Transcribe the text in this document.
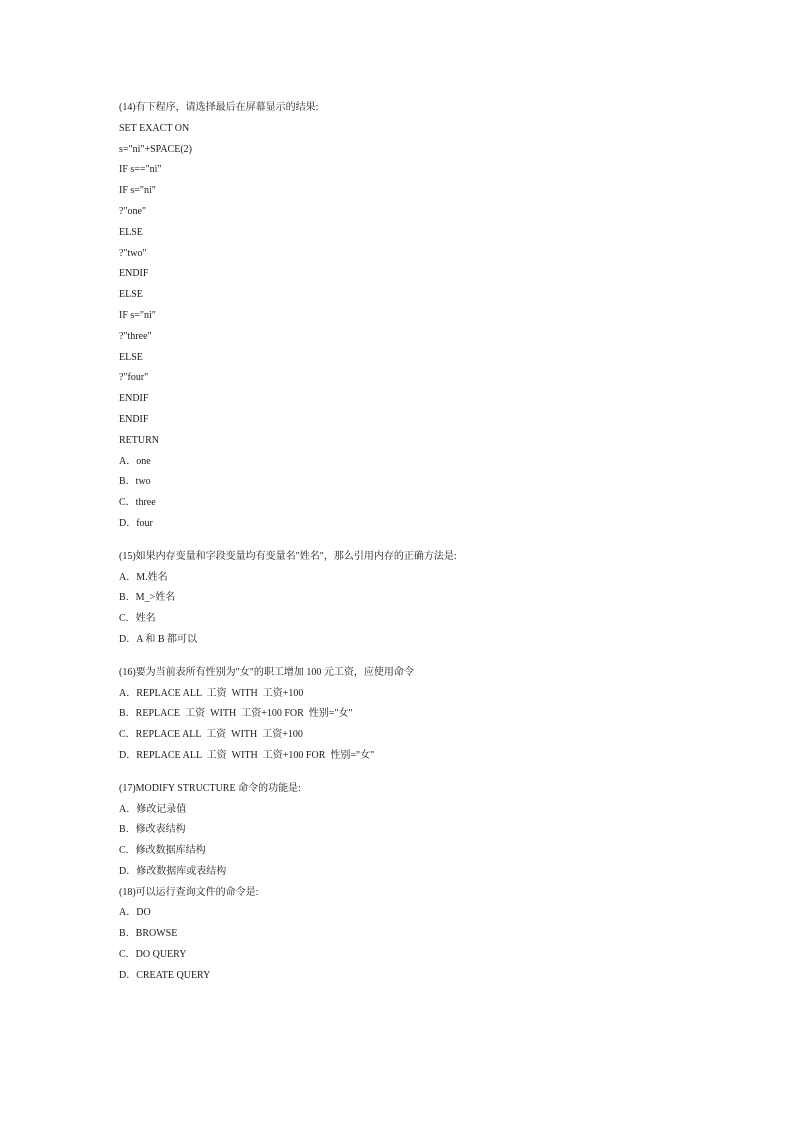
(14)有下程序，请选择最后在屏幕显示的结果:
SET EXACT ON
s="ni"+SPACE(2)
IF s=="ni"
IF s="ni"
?"one"
ELSE
?"two"
ENDIF
ELSE
IF s="ni"
?"three"
ELSE
?"four"
ENDIF
ENDIF
RETURN
A．one
B．two
C．three
D．four
(15)如果内存变量和字段变量均有变量名"姓名"，那么引用内存的正确方法是:
A．M.姓名
B．M_>姓名
C．姓名
D．A 和 B 都可以
(16)要为当前表所有性别为"女"的职工增加 100 元工资，应使用命令
A．REPLACE ALL  工资  WITH  工资+100
B．REPLACE  工资  WITH  工资+100 FOR  性别="女"
C．REPLACE ALL  工资  WITH  工资+100
D．REPLACE ALL  工资  WITH  工资+100 FOR  性别="女"
(17)MODIFY STRUCTURE 命令的功能是:
A．修改记录值
B．修改表结构
C．修改数据库结构
D．修改数据库或表结构
(18)可以运行查询文件的命令是:
A．DO
B．BROWSE
C．DO QUERY
D．CREATE QUERY
